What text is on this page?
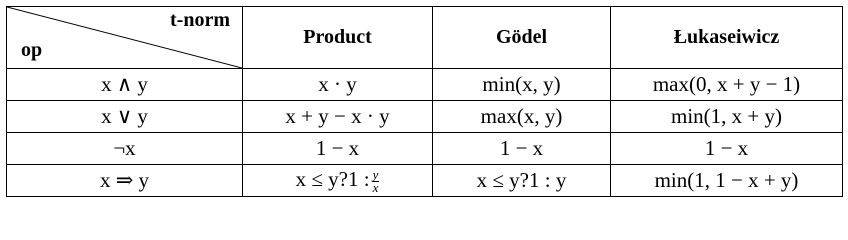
t-norm
op	Product	Gödel	Łukaseiwicz
x ∧ y	x · y	min(x, y)	max(0, x + y − 1)
x ∨ y	x + y − x · y	max(x, y)	min(1, x + y)
¬x	1 − x	1 − x	1 − x
x ⇒ y	x ≤ y?1 : $\frac{y}{x}$	x ≤ y?1 : y	min(1, 1 − x + y)
